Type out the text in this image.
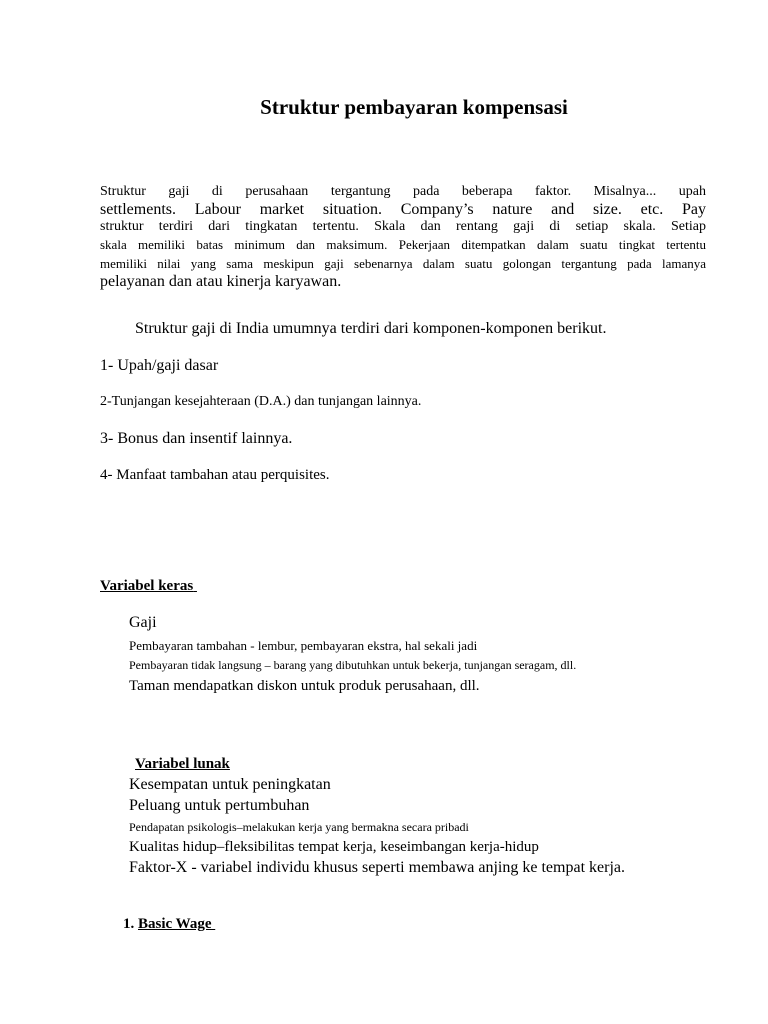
Struktur pembayaran kompensasi
Struktur gaji di perusahaan tergantung pada beberapa faktor. Misalnya... upah
settlements. Labour market situation. Company’s nature and size. etc. Pay
struktur terdiri dari tingkatan tertentu. Skala dan rentang gaji di setiap skala. Setiap
skala memiliki batas minimum dan maksimum. Pekerjaan ditempatkan dalam suatu tingkat tertentu
memiliki nilai yang sama meskipun gaji sebenarnya dalam suatu golongan tergantung pada lamanya
pelayanan dan atau kinerja karyawan.
Struktur gaji di India umumnya terdiri dari komponen-komponen berikut.
1- Upah/gaji dasar
2-Tunjangan kesejahteraan (D.A.) dan tunjangan lainnya.
3- Bonus dan insentif lainnya.
4- Manfaat tambahan atau perquisites.
Variabel keras
Gaji
Pembayaran tambahan - lembur, pembayaran ekstra, hal sekali jadi
Pembayaran tidak langsung – barang yang dibutuhkan untuk bekerja, tunjangan seragam, dll.
Taman mendapatkan diskon untuk produk perusahaan, dll.
Variabel lunak
Kesempatan untuk peningkatan
Peluang untuk pertumbuhan
Pendapatan psikologis–melakukan kerja yang bermakna secara pribadi
Kualitas hidup–fleksibilitas tempat kerja, keseimbangan kerja-hidup
Faktor-X - variabel individu khusus seperti membawa anjing ke tempat kerja.
1. Basic Wage
